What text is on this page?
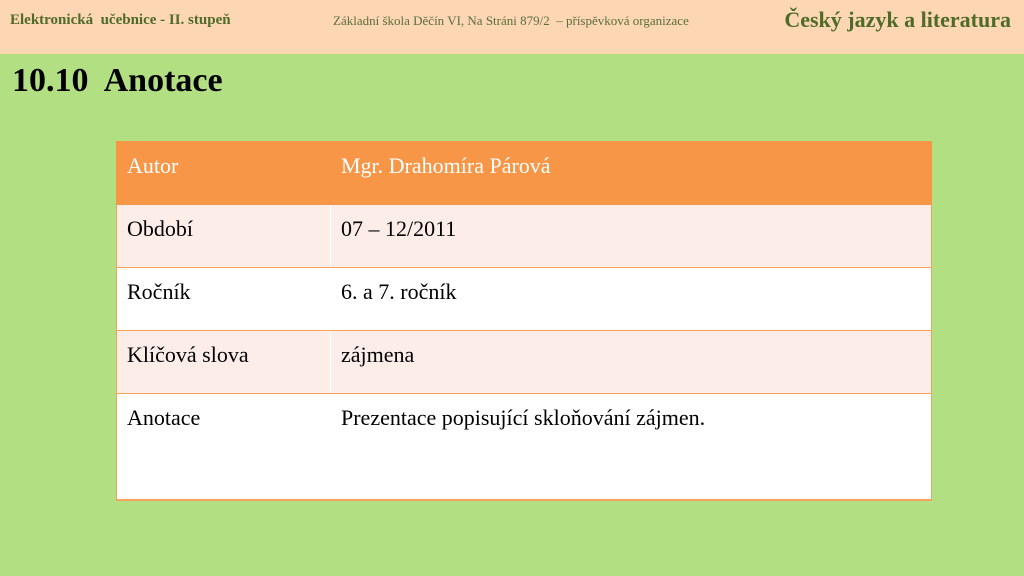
Elektronická  učebnice - II. stupeň	Základní škola Děčín VI, Na Stráni 879/2  – příspěvková organizace	Český jazyk a literatura
10.10  Anotace
Autor	Mgr. Drahomíra Párová
Období	07 – 12/2011
Ročník	6. a 7. ročník
Klíčová slova	zájmena
Anotace	Prezentace popisující skloňování zájmen.
